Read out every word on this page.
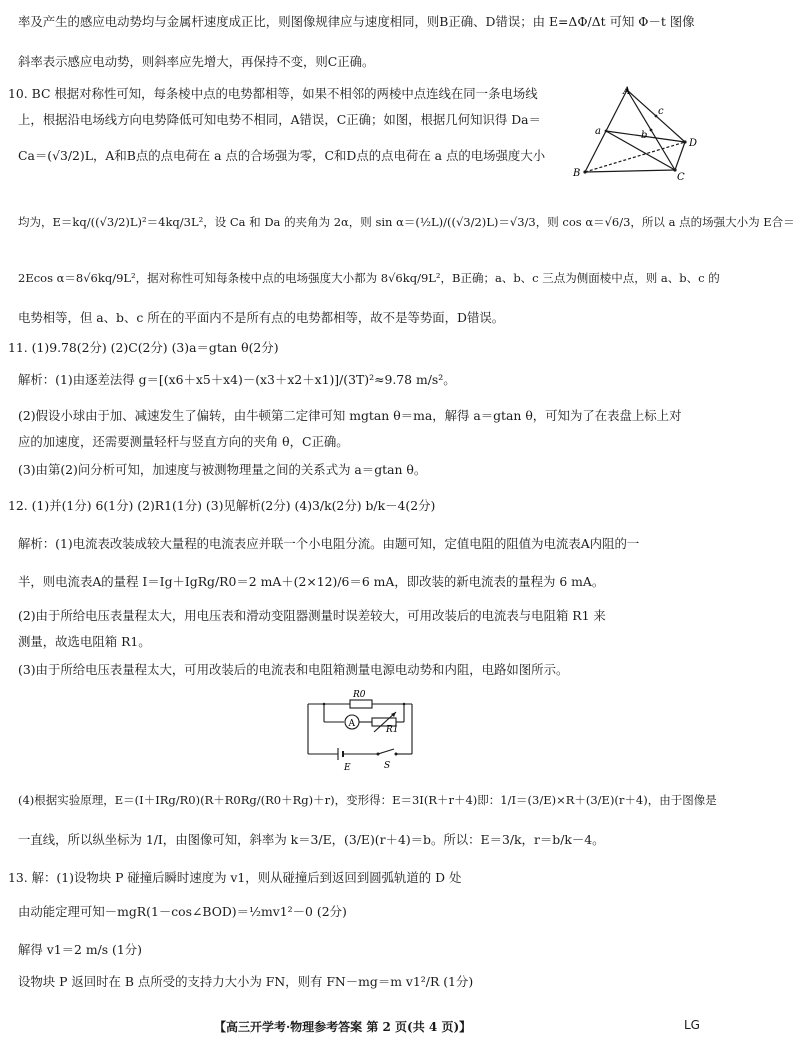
率及产生的感应电动势均与金属杆速度成正比，则图像规律应与速度相同，则B正确、D错误；由 E=ΔΦ/Δt 可知 Φ－t 图像
斜率表示感应电动势，则斜率应先增大，再保持不变，则C正确。
10. BC 根据对称性可知，每条棱中点的电势都相等，如果不相邻的两棱中点连线在同一条电场线
上，根据沿电场线方向电势降低可知电势不相同，A错误，C正确；如图，根据几何知识得 Da＝
Ca＝(√3/2)L，A和B点的点电荷在 a 点的合场强为零，C和D点的点电荷在 a 点的电场强度大小
均为，E＝kq/((√3/2)L)²＝4kq/3L²，设 Ca 和 Da 的夹角为 2α，则 sin α＝(½L)/((√3/2)L)＝√3/3，则 cos α＝√6/3，所以 a 点的场强大小为 E合＝
2Ecos α＝8√6kq/9L²，据对称性可知每条棱中点的电场强度大小都为 8√6kq/9L²，B正确；a、b、c 三点为侧面棱中点，则 a、b、c 的
电势相等，但 a、b、c 所在的平面内不是所有点的电势都相等，故不是等势面，D错误。
11. (1)9.78(2分) (2)C(2分) (3)a＝gtan θ(2分)
解析：(1)由逐差法得 g＝[(x6＋x5＋x4)－(x3＋x2＋x1)]/(3T)²≈9.78 m/s²。
(2)假设小球由于加、减速发生了偏转，由牛顿第二定律可知 mgtan θ＝ma，解得 a＝gtan θ，可知为了在表盘上标上对
应的加速度，还需要测量轻杆与竖直方向的夹角 θ，C正确。
(3)由第(2)问分析可知，加速度与被测物理量之间的关系式为 a＝gtan θ。
12. (1)并(1分) 6(1分) (2)R1(1分) (3)见解析(2分) (4)3/k(2分) b/k－4(2分)
解析：(1)电流表改装成较大量程的电流表应并联一个小电阻分流。由题可知，定值电阻的阻值为电流表A内阻的一
半，则电流表A的量程 I＝Ig＋IgRg/R0＝2 mA＋(2×12)/6＝6 mA，即改装的新电流表的量程为 6 mA。
(2)由于所给电压表量程太大，用电压表和滑动变阻器测量时误差较大，可用改装后的电流表与电阻箱 R1 来
测量，故选电阻箱 R1。
(3)由于所给电压表量程太大，可用改装后的电流表和电阻箱测量电源电动势和内阻，电路如图所示。
(4)根据实验原理，E＝(I＋IRg/R0)(R＋R0Rg/(R0＋Rg)＋r)，变形得：E＝3I(R＋r＋4)即：1/I＝(3/E)×R＋(3/E)(r＋4)，由于图像是
一直线，所以纵坐标为 1/I，由图像可知，斜率为 k＝3/E，(3/E)(r＋4)＝b。所以：E＝3/k，r＝b/k－4。
13. 解：(1)设物块 P 碰撞后瞬时速度为 v1，则从碰撞后到返回到圆弧轨道的 D 处
由动能定理可知－mgR(1－cos∠BOD)＝½mv1²－0 (2分)
解得 v1＝2 m/s (1分)
设物块 P 返回时在 B 点所受的支持力大小为 FN，则有 FN－mg＝m v1²/R (1分)
A
B	C
D
a	b
c
R0
A
R1
E	S
【高三开学考·物理参考答案 第 2 页(共 4 页)】	LG
